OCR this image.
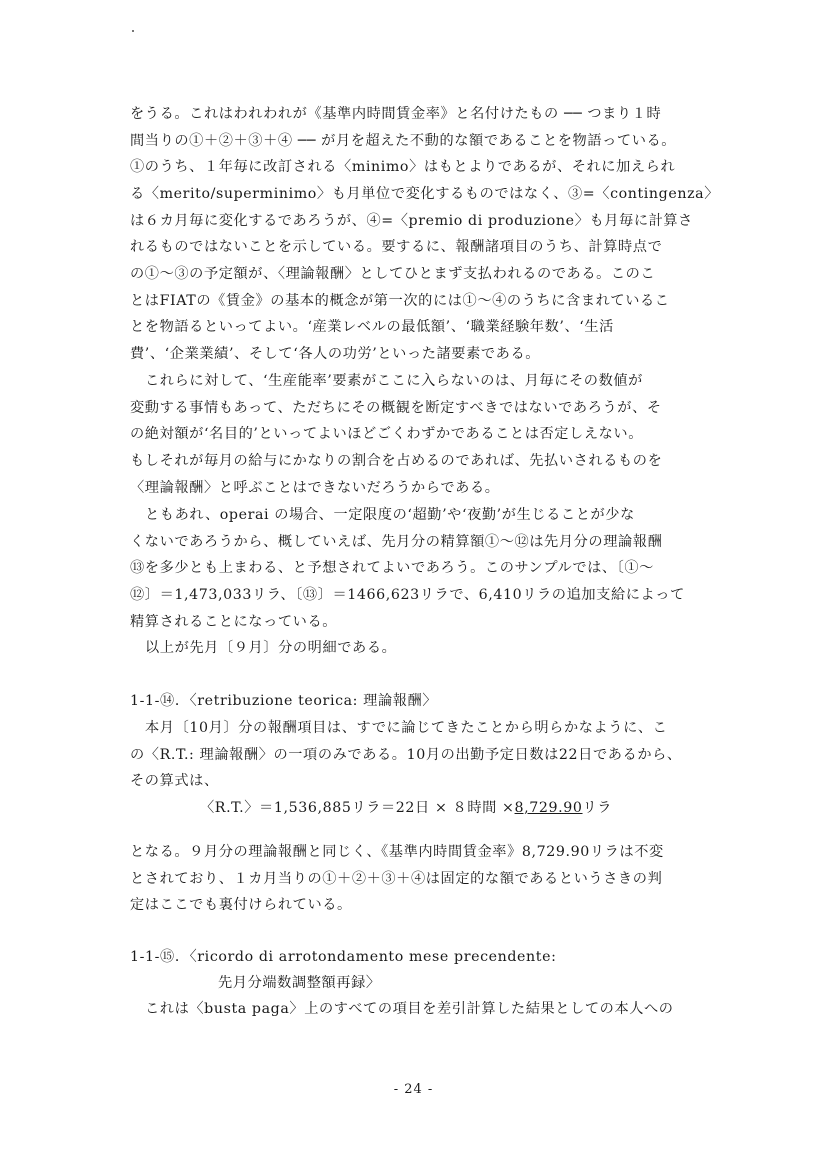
をうる。これはわれわれが《基準内時間賃金率》と名付けたもの ── つまり１時
間当りの①＋②＋③＋④ ── が月を超えた不動的な額であることを物語っている。
①のうち、１年毎に改訂される〈minimo〉はもとよりであるが、それに加えられ
る〈merito/superminimo〉も月単位で変化するものではなく、③=〈contingenza〉
は６カ月毎に変化するであろうが、④=〈premio di produzione〉も月毎に計算さ
れるものではないことを示している。要するに、報酬諸項目のうち、計算時点で
の①～③の予定額が、〈理論報酬〉としてひとまず支払われるのである。このこ
とはFIATの《賃金》の基本的概念が第一次的には①～④のうちに含まれているこ
とを物語るといってよい。‘産業レベルの最低額’、‘職業経験年数’、‘生活
費’、‘企業業績’、そして‘各人の功労’といった諸要素である。
これらに対して、‘生産能率’要素がここに入らないのは、月毎にその数値が
変動する事情もあって、ただちにその概観を断定すべきではないであろうが、そ
の絶対額が‘名目的’といってよいほどごくわずかであることは否定しえない。
もしそれが毎月の給与にかなりの割合を占めるのであれば、先払いされるものを
〈理論報酬〉と呼ぶことはできないだろうからである。
ともあれ、operai の場合、一定限度の‘超勤’や‘夜勤’が生じることが少な
くないであろうから、概していえば、先月分の精算額①～⑫は先月分の理論報酬
⑬を多少とも上まわる、と予想されてよいであろう。このサンプルでは、〔①～
⑫〕＝1,473,033リラ、〔⑬〕＝1466,623リラで、6,410リラの追加支給によって
精算されることになっている。
以上が先月〔９月〕分の明細である。
1-1-⑭．〈retribuzione teorica: 理論報酬〉
本月〔10月〕分の報酬項目は、すでに論じてきたことから明らかなように、こ
の〈R.T.: 理論報酬〉の一項のみである。10月の出勤予定日数は22日であるから、
その算式は、
〈R.T.〉＝1,536,885リラ＝22日 × ８時間 ×8,729.90リラ
となる。９月分の理論報酬と同じく、《基準内時間賃金率》8,729.90リラは不変
とされており、１カ月当りの①＋②＋③＋④は固定的な額であるというさきの判
定はここでも裏付けられている。
1-1-⑮．〈ricordo di arrotondamento mese precendente:
先月分端数調整額再録〉
これは〈busta paga〉上のすべての項目を差引計算した結果としての本人への
- 24 -
